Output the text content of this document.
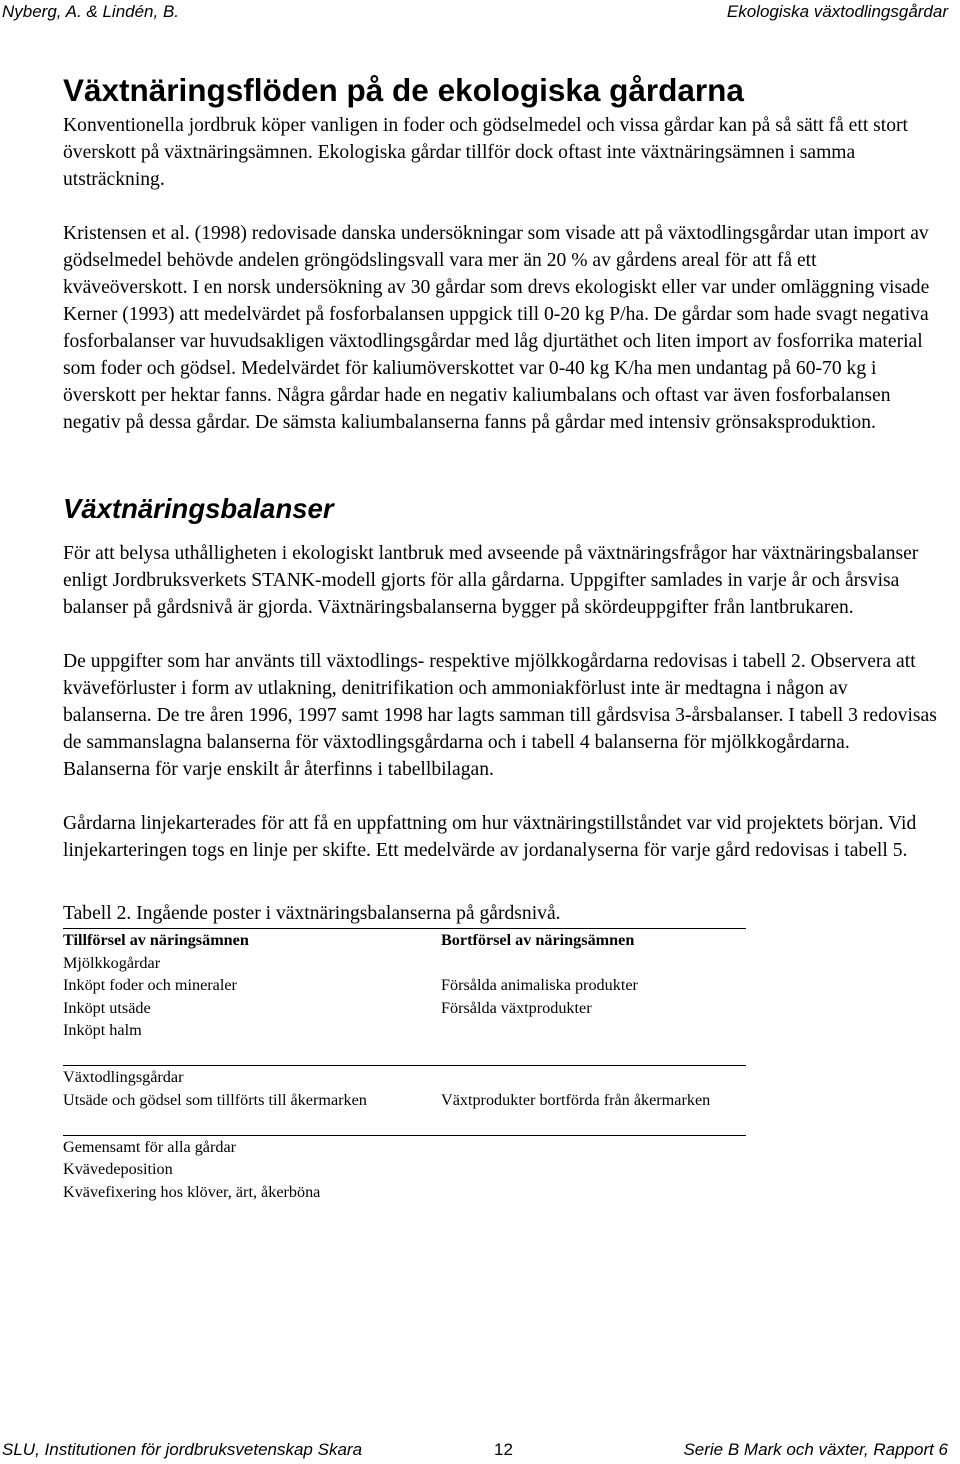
Nyberg, A. & Lindén, B.	Ekologiska växtodlingsgårdar
Växtnäringsflöden på de ekologiska gårdarna

Konventionella jordbruk köper vanligen in foder och gödselmedel och vissa gårdar kan på så sätt få ett stort överskott på växtnäringsämnen. Ekologiska gårdar tillför dock oftast inte växtnäringsämnen i samma utsträckning.

Kristensen et al. (1998) redovisade danska undersökningar som visade att på växtodlingsgårdar utan import av gödselmedel behövde andelen gröngödslingsvall vara mer än 20 % av gårdens areal för att få ett kväveöverskott. I en norsk undersökning av 30 gårdar som drevs ekologiskt eller var under omläggning visade Kerner (1993) att medelvärdet på fosforbalansen uppgick till 0-20 kg P/ha. De gårdar som hade svagt negativa fosforbalanser var huvudsakligen växtodlingsgårdar med låg djurtäthet och liten import av fosforrika material som foder och gödsel. Medelvärdet för kaliumöverskottet var 0-40 kg K/ha men undantag på 60-70 kg i överskott per hektar fanns. Några gårdar hade en negativ kaliumbalans och oftast var även fosforbalansen negativ på dessa gårdar. De sämsta kaliumbalanserna fanns på gårdar med intensiv grönsaksproduktion.

Växtnäringsbalanser

För att belysa uthålligheten i ekologiskt lantbruk med avseende på växtnäringsfrågor har växtnäringsbalanser enligt Jordbruksverkets STANK-modell gjorts för alla gårdarna. Uppgifter samlades in varje år och årsvisa balanser på gårdsnivå är gjorda. Växtnäringsbalanserna bygger på skördeuppgifter från lantbrukaren.

De uppgifter som har använts till växtodlings- respektive mjölkkogårdarna redovisas i tabell 2. Observera att kväveförluster i form av utlakning, denitrifikation och ammoniakförlust inte är medtagna i någon av balanserna. De tre åren 1996, 1997 samt 1998 har lagts samman till gårdsvisa 3-årsbalanser. I tabell 3 redovisas de sammanslagna balanserna för växtodlingsgårdarna och i tabell 4 balanserna för mjölkkogårdarna. Balanserna för varje enskilt år återfinns i tabellbilagan.

Gårdarna linjekarterades för att få en uppfattning om hur växtnäringstillståndet var vid projektets början. Vid linjekarteringen togs en linje per skifte. Ett medelvärde av jordanalyserna för varje gård redovisas i tabell 5.

Tabell 2. Ingående poster i växtnäringsbalanserna på gårdsnivå.
Tillförsel av näringsämnen	Bortförsel av näringsämnen
Mjölkkogårdar	
Inköpt foder och mineraler	Försålda animaliska produkter
Inköpt utsäde	Försålda växtprodukter
Inköpt halm	

Växtodlingsgårdar	
Utsäde och gödsel som tillförts till åkermarken	Växtprodukter bortförda från åkermarken

Gemensamt för alla gårdar	
Kvävedeposition	
Kvävefixering hos klöver, ärt, åkerböna	
SLU, Institutionen för jordbruksvetenskap Skara	12	Serie B Mark och växter, Rapport 6
